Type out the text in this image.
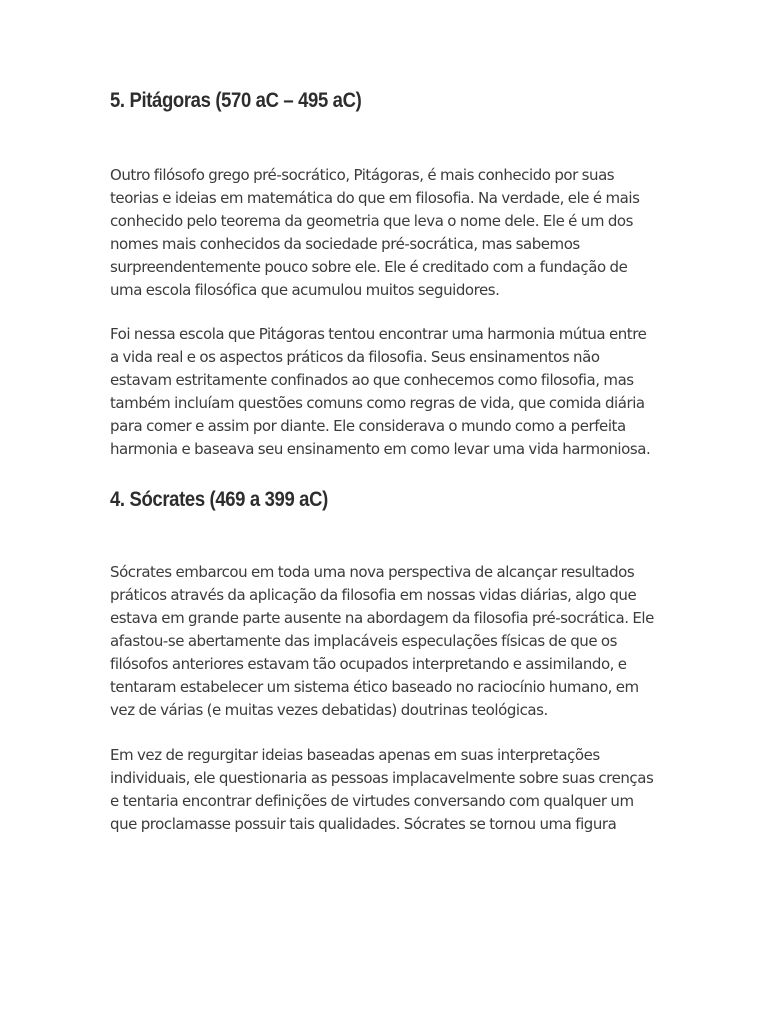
5. Pitágoras (570 aC – 495 aC)

Outro filósofo grego pré-socrático, Pitágoras, é mais conhecido por suas teorias e ideias em matemática do que em filosofia. Na verdade, ele é mais conhecido pelo teorema da geometria que leva o nome dele. Ele é um dos nomes mais conhecidos da sociedade pré-socrática, mas sabemos surpreendentemente pouco sobre ele. Ele é creditado com a fundação de uma escola filosófica que acumulou muitos seguidores.

Foi nessa escola que Pitágoras tentou encontrar uma harmonia mútua entre a vida real e os aspectos práticos da filosofia. Seus ensinamentos não estavam estritamente confinados ao que conhecemos como filosofia, mas também incluíam questões comuns como regras de vida, que comida diária para comer e assim por diante. Ele considerava o mundo como a perfeita harmonia e baseava seu ensinamento em como levar uma vida harmoniosa.

4. Sócrates (469 a 399 aC)

Sócrates embarcou em toda uma nova perspectiva de alcançar resultados práticos através da aplicação da filosofia em nossas vidas diárias, algo que estava em grande parte ausente na abordagem da filosofia pré-socrática. Ele afastou-se abertamente das implacáveis especulações físicas de que os filósofos anteriores estavam tão ocupados interpretando e assimilando, e tentaram estabelecer um sistema ético baseado no raciocínio humano, em vez de várias (e muitas vezes debatidas) doutrinas teológicas.

Em vez de regurgitar ideias baseadas apenas em suas interpretações individuais, ele questionaria as pessoas implacavelmente sobre suas crenças e tentaria encontrar definições de virtudes conversando com qualquer um que proclamasse possuir tais qualidades. Sócrates se tornou uma figura
